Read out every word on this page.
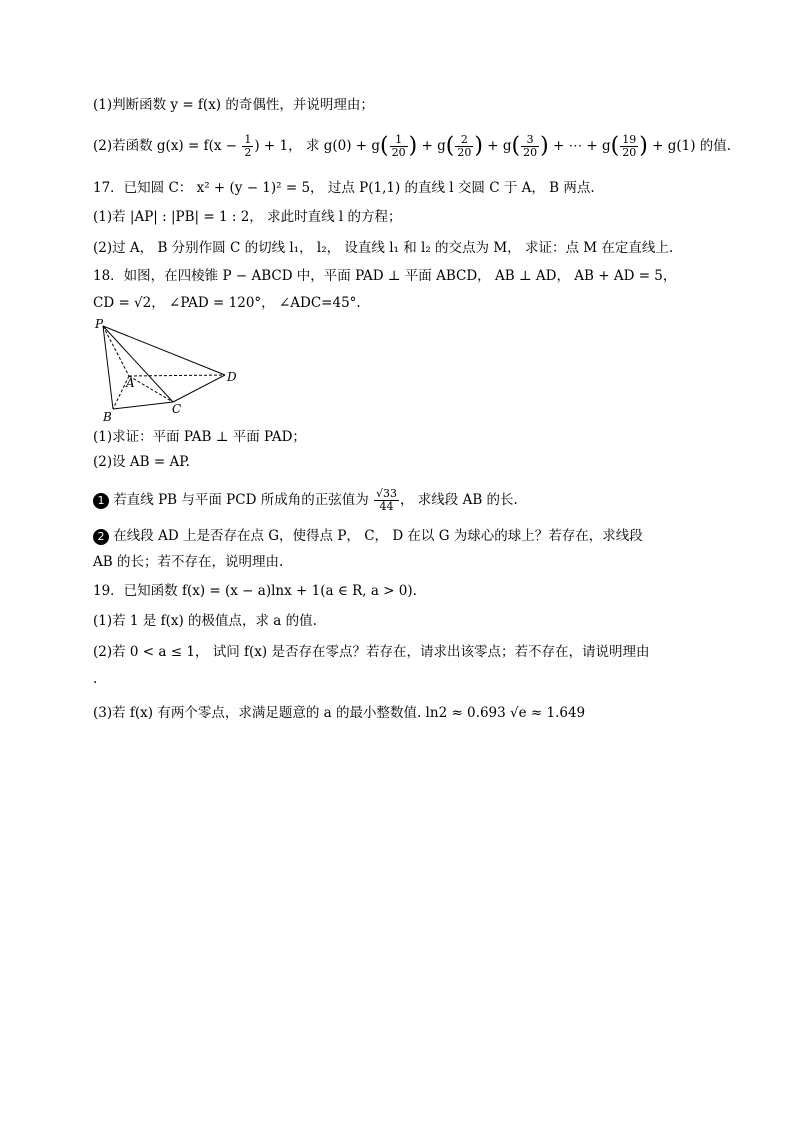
(1)判断函数 y = f(x) 的奇偶性，并说明理由；
(2)若函数 $g(x) = f(x - \frac{1}{2}$ ) + 1， 求 $g(0) + g( \frac{1}{20}$ ) + $g( \frac{2}{20}$ ) + $g( \frac{3}{20}$ ) + ⋯ + $g( \frac{19}{20}$ ) + g(1) 的值.
17．已知圆 C： x² + (y − 1)² = 5， 过点 P(1,1) 的直线 l 交圆 C 于 A， B 两点.
(1)若 |AP| : |PB| = 1 : 2， 求此时直线 l 的方程；
(2)过 A， B 分别作圆 C 的切线 l₁， l₂， 设直线 l₁ 和 l₂ 的交点为 M， 求证：点 M 在定直线上.
18．如图，在四棱锥 P − ABCD 中，平面 PAD ⊥ 平面 ABCD， AB ⊥ AD， AB + AD = 5，
CD = √2， ∠PAD = 120°， ∠ADC=45°.
P
A
B
C
D
(1)求证：平面 PAB ⊥ 平面 PAD；
(2)设 AB = AP.
1 若直线 PB 与平面 PCD 所成角的正弦值为 $\frac{√33}{44}$ ， 求线段 AB 的长.
2 在线段 AD 上是否存在点 G，使得点 P， C， D 在以 G 为球心的球上？若存在，求线段
AB 的长；若不存在，说明理由.
19．已知函数 f(x) = (x − a)lnx + 1(a ∈ R, a > 0).
(1)若 1 是 f(x) 的极值点，求 a 的值.
(2)若 0 < a ≤ 1， 试问 f(x) 是否存在零点？若存在，请求出该零点；若不存在，请说明理由
.
(3)若 f(x) 有两个零点，求满足题意的 a 的最小整数值. ln2 ≈ 0.693 √e ≈ 1.649
